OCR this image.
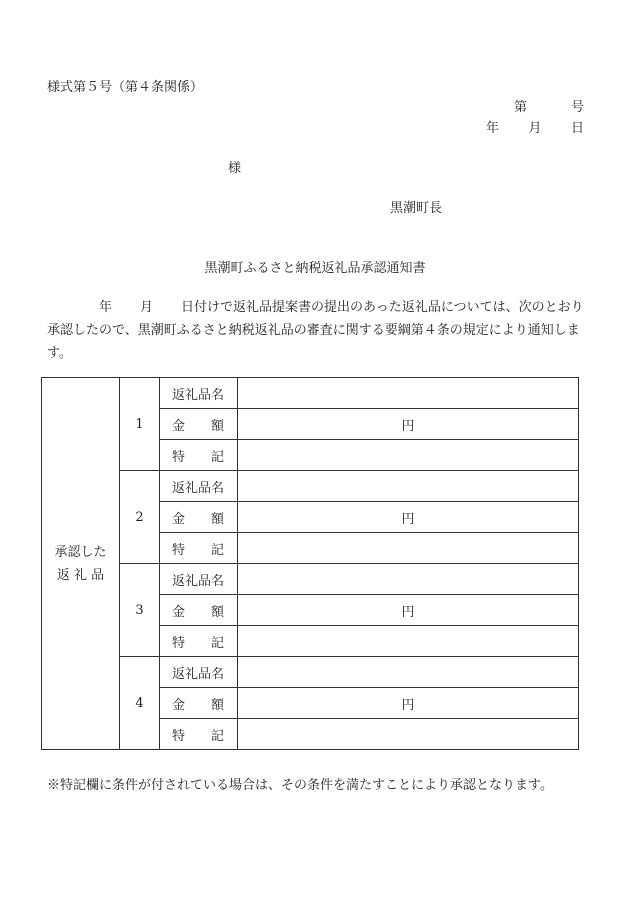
様式第５号（第４条関係）
第	号
年 月 日
様
黒潮町長
黒潮町ふるさと納税返礼品承認通知書
年 月 日付けで返礼品提案書の提出のあった返礼品については、次のとおり承認したので、黒潮町ふるさと納税返礼品の審査に関する要綱第４条の規定により通知します。
承認した
返 礼 品	1	返礼品名	

		金 額	円

		特 記	

	2	返礼品名	

		金 額	円

		特 記	

	3	返礼品名	

		金 額	円

		特 記	

	4	返礼品名	

		金 額	円

		特 記	

※特記欄に条件が付されている場合は、その条件を満たすことにより承認となります。
